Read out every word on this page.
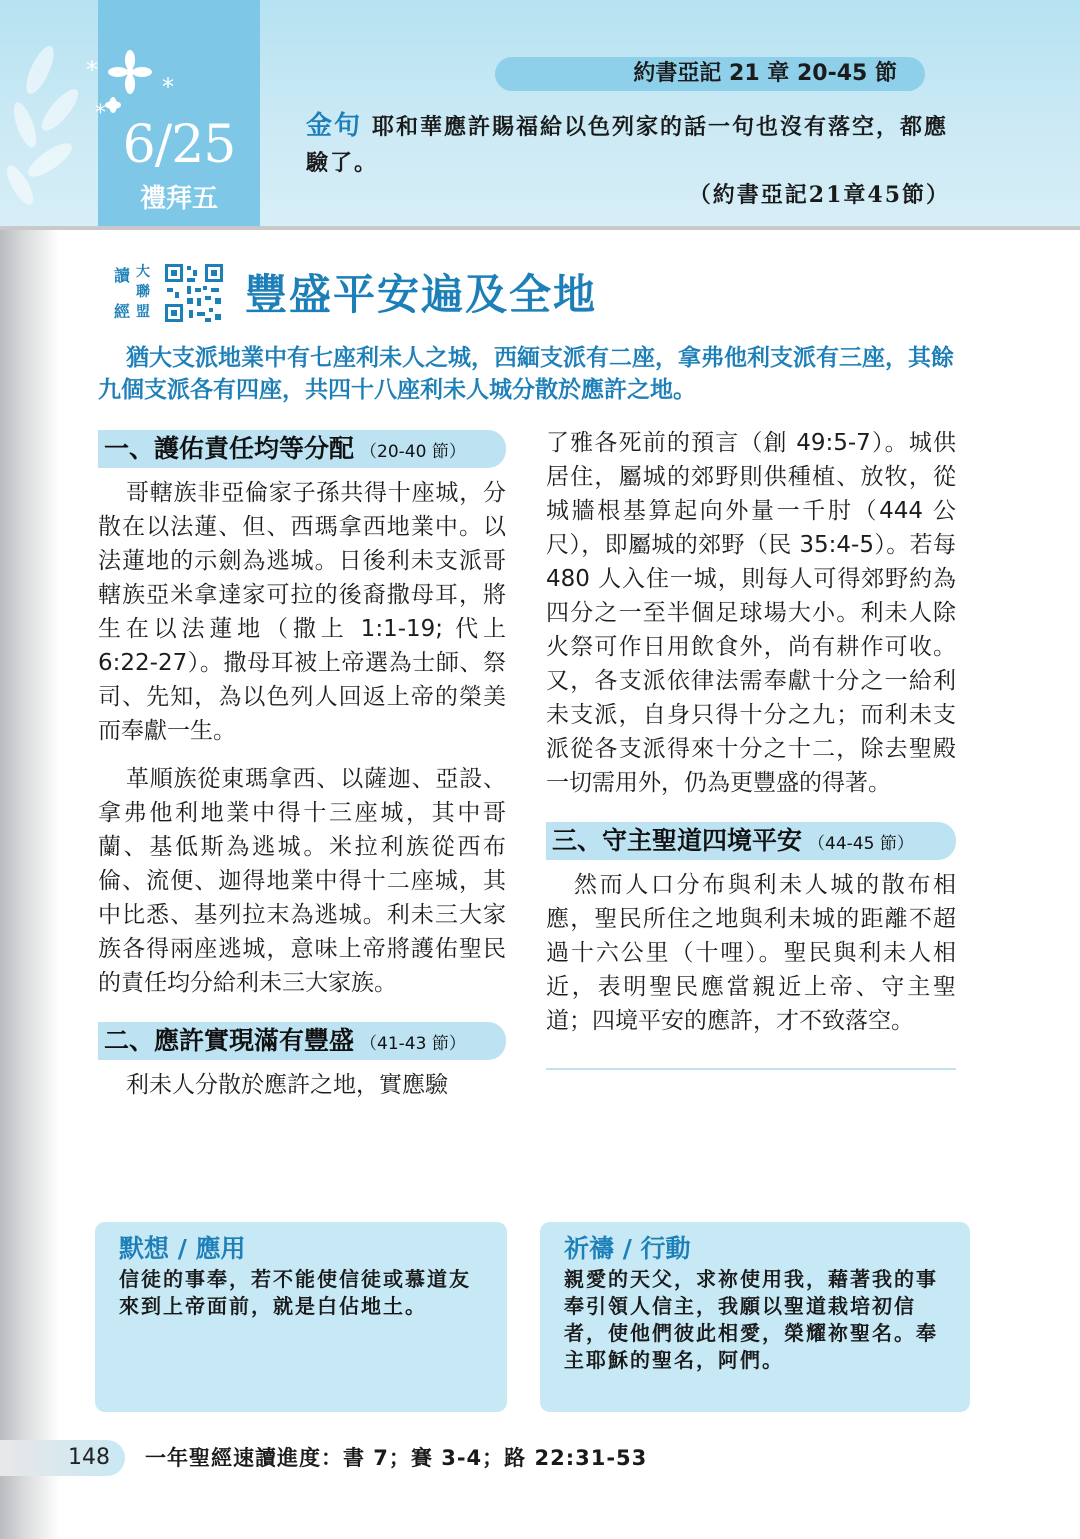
*
*
*
6/25
禮拜五
約書亞記 21 章 20-45 節
金句 耶和華應許賜福給以色列家的話一句也沒有落空，都應驗了。
（約書亞記21章45節）
讀 大
聯
經 盟 豐盛平安遍及全地
猶大支派地業中有七座利未人之城，西緬支派有二座，拿弗他利支派有三座，其餘九個支派各有四座，共四十八座利未人城分散於應許之地。
一、護佑責任均等分配 （20-40 節）

哥轄族非亞倫家子孫共得十座城，分散在以法蓮、但、西瑪拿西地業中。以法蓮地的示劍為逃城。日後利未支派哥轄族亞米拿達家可拉的後裔撒母耳，將生在以法蓮地（撒上 1:1-19; 代上 6:22-27）。撒母耳被上帝選為士師、祭司、先知，為以色列人回返上帝的榮美而奉獻一生。

革順族從東瑪拿西、以薩迦、亞設、拿弗他利地業中得十三座城，其中哥蘭、基低斯為逃城。米拉利族從西布倫、流便、迦得地業中得十二座城，其中比悉、基列拉末為逃城。利未三大家族各得兩座逃城，意味上帝將護佑聖民的責任均分給利未三大家族。

二、應許實現滿有豐盛 （41-43 節）

利未人分散於應許之地，實應驗

了雅各死前的預言（創 49:5-7）。城供居住，屬城的郊野則供種植、放牧，從城牆根基算起向外量一千肘（444 公尺），即屬城的郊野（民 35:4-5）。若每 480 人入住一城，則每人可得郊野約為四分之一至半個足球場大小。利未人除火祭可作日用飲食外，尚有耕作可收。又，各支派依律法需奉獻十分之一給利未支派，自身只得十分之九；而利未支派從各支派得來十分之十二，除去聖殿一切需用外，仍為更豐盛的得著。

三、守主聖道四境平安 （44-45 節）

然而人口分布與利未人城的散布相應，聖民所住之地與利未城的距離不超過十六公里（十哩）。聖民與利未人相近，表明聖民應當親近上帝、守主聖道；四境平安的應許，才不致落空。

默想 / 應用
信徒的事奉，若不能使信徒或慕道友來到上帝面前，就是白佔地土。
祈禱 / 行動
親愛的天父，求祢使用我，藉著我的事奉引領人信主，我願以聖道栽培初信者，使他們彼此相愛，榮耀祢聖名。奉主耶穌的聖名，阿們。
148 一年聖經速讀進度：書 7；賽 3-4；路 22:31-53
